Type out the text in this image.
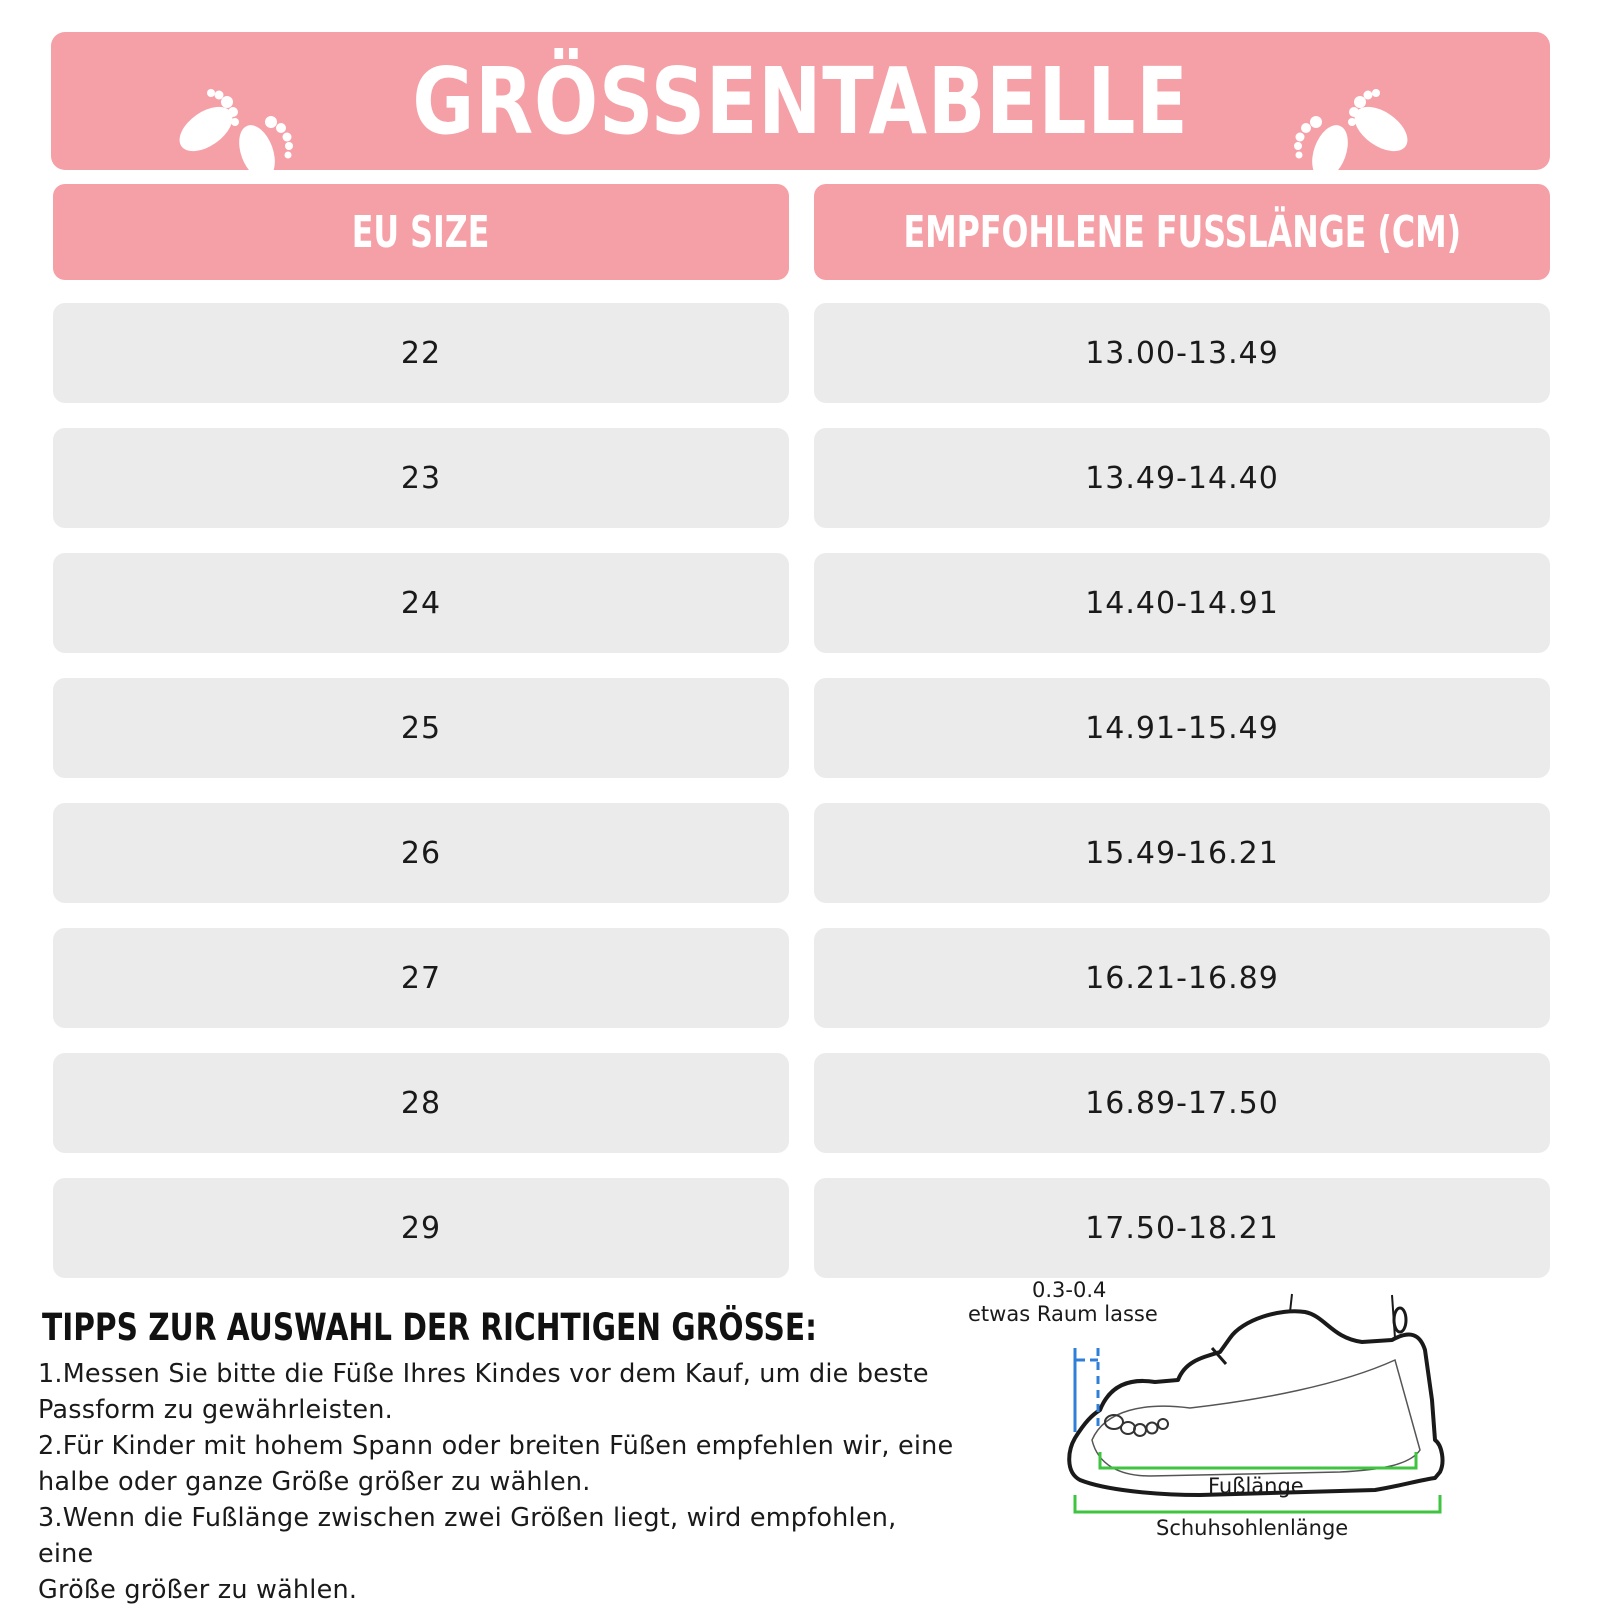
GRÖSSENTABELLE
EU SIZE	EMPFOHLENE FUSSLÄNGE (CM)
22	13.00-13.49
23	13.49-14.40
24	14.40-14.91
25	14.91-15.49
26	15.49-16.21
27	16.21-16.89
28	16.89-17.50
29	17.50-18.21
TIPPS ZUR AUSWAHL DER RICHTIGEN GRÖSSE:
1.Messen Sie bitte die Füße Ihres Kindes vor dem Kauf, um die beste
Passform zu gewährleisten.
2.Für Kinder mit hohem Spann oder breiten Füßen empfehlen wir, eine
halbe oder ganze Größe größer zu wählen.
3.Wenn die Fußlänge zwischen zwei Größen liegt, wird empfohlen, eine
Größe größer zu wählen.
0.3-0.4
etwas Raum lasse
Fußlänge
Schuhsohlenlänge
